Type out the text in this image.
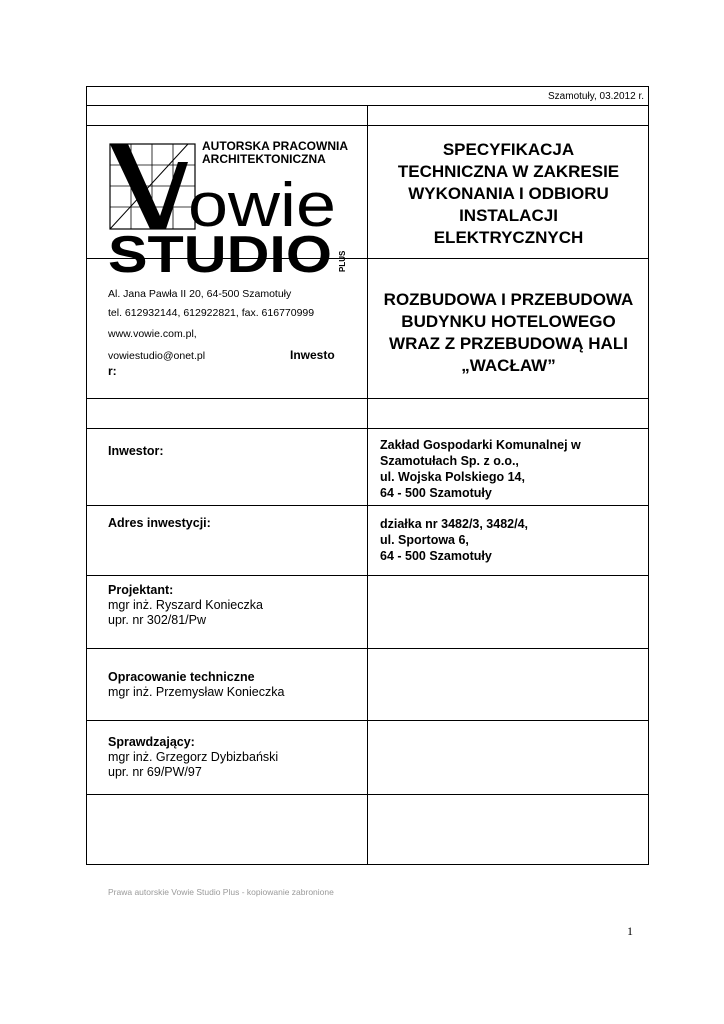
Szamotuły, 03.2012 r.
AUTORSKA PRACOWNIA
ARCHITEKTONICZNA
owie
STUDIO PLUS
SPECYFIKACJA
TECHNICZNA W ZAKRESIE
WYKONANIA I ODBIORU
INSTALACJI
ELEKTRYCZNYCH
ROZBUDOWA I PRZEBUDOWA
BUDYNKU HOTELOWEGO
WRAZ Z PRZEBUDOWĄ HALI
„WACŁAW”
Al. Jana Pawła II 20, 64-500 Szamotuły
tel. 612932144, 612922821, fax. 616770999
www.vowie.com.pl,
vowiestudio@onet.pl	Inwesto
r:
Inwestor:	Zakład Gospodarki Komunalnej w
Szamotułach Sp. z o.o.,
ul. Wojska Polskiego 14,
64 - 500 Szamotuły
Adres inwestycji:	działka nr 3482/3, 3482/4,
ul. Sportowa 6,
64 - 500 Szamotuły
Projektant:
mgr inż. Ryszard Konieczka
upr. nr 302/81/Pw
Opracowanie techniczne
mgr inż. Przemysław Konieczka
Sprawdzający:
mgr inż. Grzegorz Dybizbański
upr. nr 69/PW/97
Prawa autorskie Vowie Studio Plus - kopiowanie zabronione
1
